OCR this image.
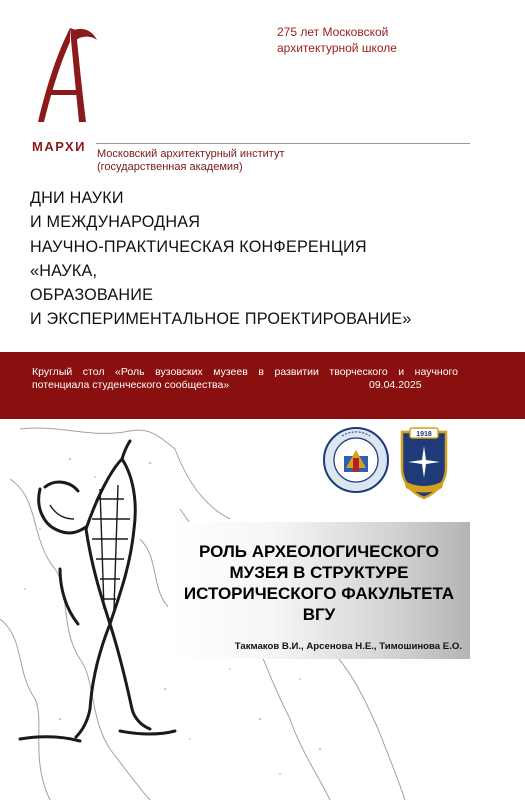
МАРХИ
275 лет Московской
архитектурной школе
Московский архитектурный институт
(государственная академия)
ДНИ НАУКИ
И МЕЖДУНАРОДНАЯ
НАУЧНО-ПРАКТИЧЕСКАЯ КОНФЕРЕНЦИЯ
«НАУКА,
ОБРАЗОВАНИЕ
И ЭКСПЕРИМЕНТАЛЬНОЕ ПРОЕКТИРОВАНИЕ»
Круглый стол «Роль вузовских музеев в развитии творческого и научного
потенциала студенческого сообщества»	09.04.2025
1918
РОЛЬ АРХЕОЛОГИЧЕСКОГО
МУЗЕЯ В СТРУКТУРЕ
ИСТОРИЧЕСКОГО ФАКУЛЬТЕТА
ВГУ
Такмаков В.И., Арсенова Н.Е., Тимошинова Е.О.
